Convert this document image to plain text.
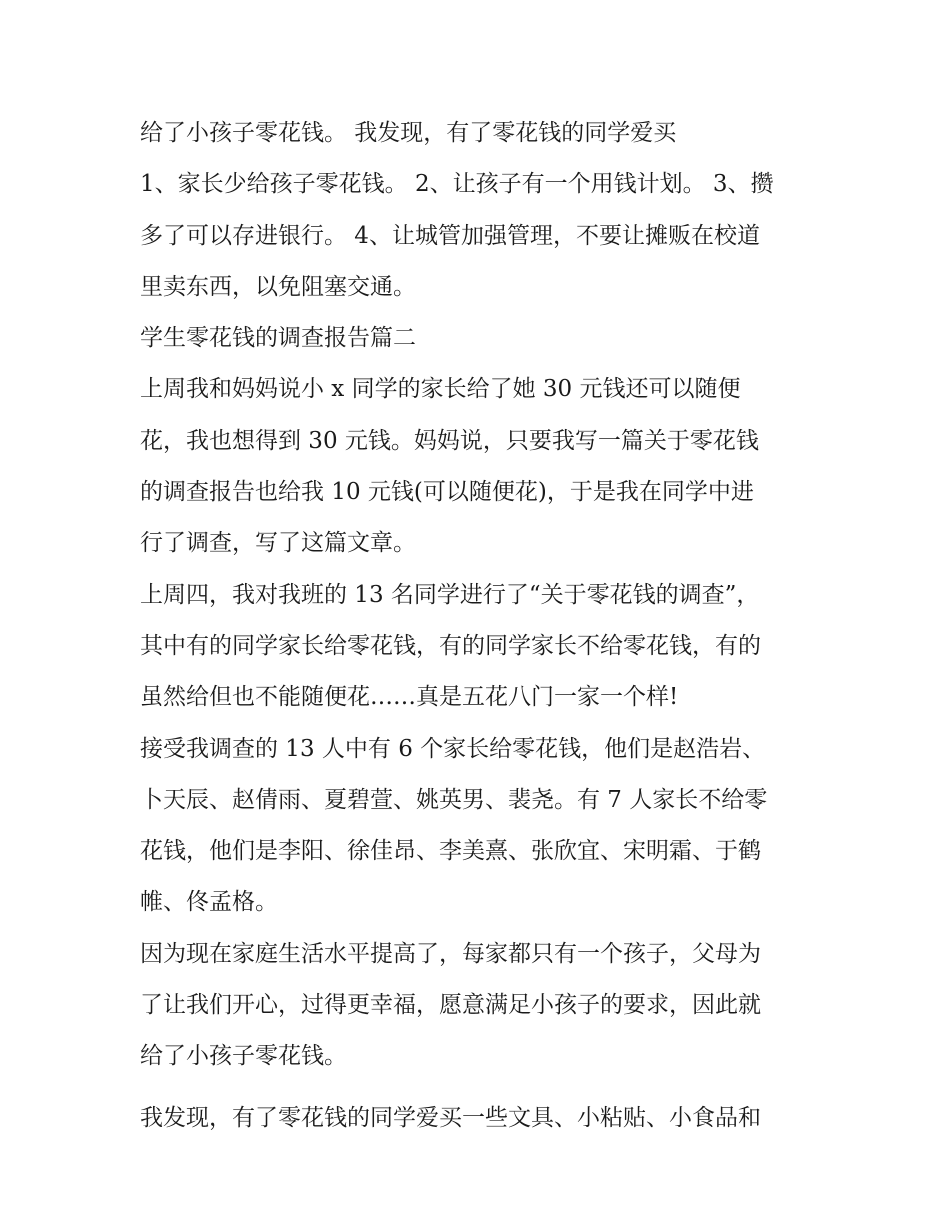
给了小孩子零花钱。 我发现，有了零花钱的同学爱买
1、家长少给孩子零花钱。 2、让孩子有一个用钱计划。 3、攒
多了可以存进银行。 4、让城管加强管理，不要让摊贩在校道
里卖东西，以免阻塞交通。
学生零花钱的调查报告篇二
上周我和妈妈说小 x 同学的家长给了她 30 元钱还可以随便
花，我也想得到 30 元钱。妈妈说，只要我写一篇关于零花钱
的调查报告也给我 10 元钱(可以随便花)，于是我在同学中进
行了调查，写了这篇文章。
上周四，我对我班的 13 名同学进行了“关于零花钱的调查”，
其中有的同学家长给零花钱，有的同学家长不给零花钱，有的
虽然给但也不能随便花……真是五花八门一家一个样!
接受我调查的 13 人中有 6 个家长给零花钱，他们是赵浩岩、
卜天辰、赵倩雨、夏碧萱、姚英男、裴尧。有 7 人家长不给零
花钱，他们是李阳、徐佳昂、李美熹、张欣宜、宋明霜、于鹤
帷、佟孟格。
因为现在家庭生活水平提高了，每家都只有一个孩子，父母为
了让我们开心，过得更幸福，愿意满足小孩子的要求，因此就
给了小孩子零花钱。
我发现，有了零花钱的同学爱买一些文具、小粘贴、小食品和
